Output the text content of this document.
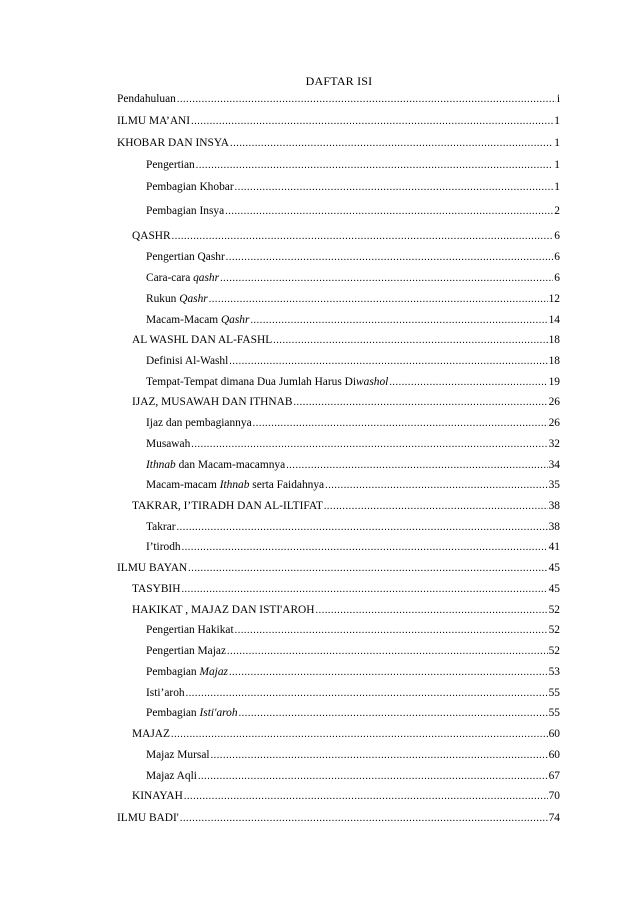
DAFTAR ISI
Pendahuluan .....	i
ILMU MA’ANI .....	1
KHOBAR DAN INSYA .....	1
Pengertian .....	1
Pembagian Khobar .....	1
Pembagian Insya .....	2
QASHR .....	6
Pengertian Qashr .....	6
Cara-cara qashr .....	6
Rukun Qashr .....	12
Macam-Macam Qashr .....	14
AL WASHL DAN AL-FASHL .....	18
Definisi Al-Washl .....	18
Tempat-Tempat dimana Dua Jumlah Harus Diwashol .....	19
IJAZ, MUSAWAH DAN ITHNAB .....	26
Ijaz dan pembagiannya .....	26
Musawah .....	32
Ithnab dan Macam-macamnya .....	34
Macam-macam Ithnab serta Faidahnya .....	35
TAKRAR, I’TIRADH DAN AL-ILTIFAT .....	38
Takrar .....	38
I’tirodh .....	41
ILMU BAYAN .....	45
TASYBIH .....	45
HAKIKAT , MAJAZ DAN ISTI'AROH .....	52
Pengertian Hakikat .....	52
Pengertian Majaz .....	52
Pembagian Majaz .....	53
Isti’aroh .....	55
Pembagian Isti'aroh .....	55
MAJAZ .....	60
Majaz Mursal .....	60
Majaz Aqli .....	67
KINAYAH .....	70
ILMU BADI' .....	74
